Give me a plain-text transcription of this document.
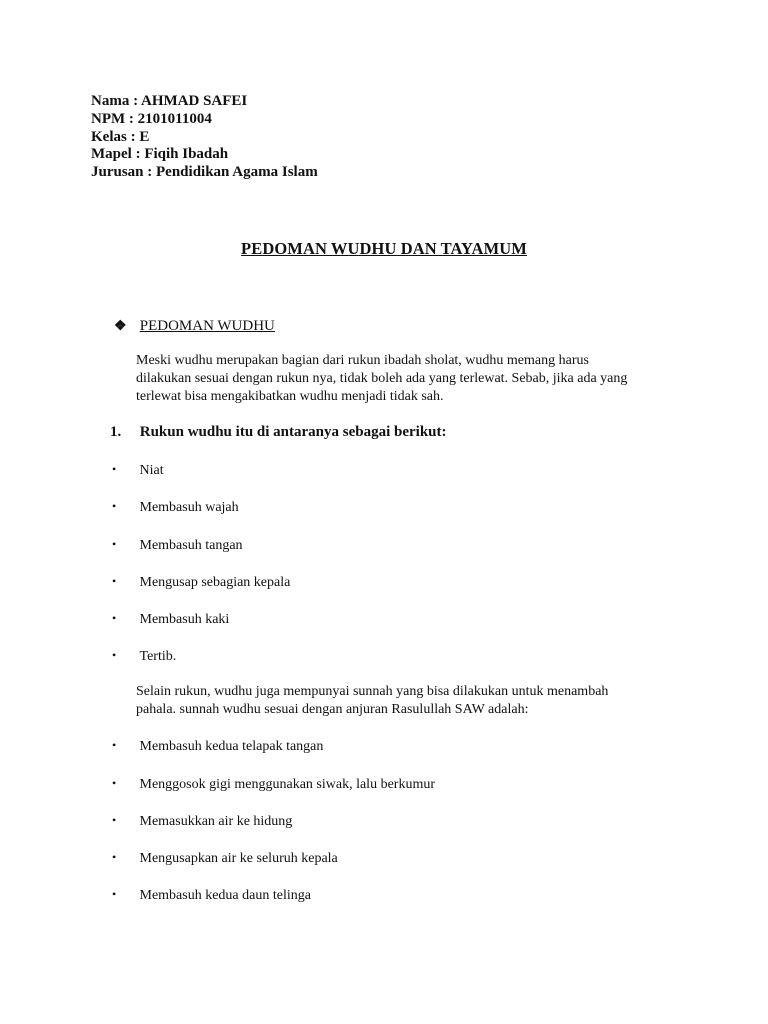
Nama : AHMAD SAFEI
NPM : 2101011004
Kelas : E
Mapel : Fiqih Ibadah
Jurusan : Pendidikan Agama Islam
PEDOMAN WUDHU DAN TAYAMUM
❖ PEDOMAN WUDHU
Meski wudhu merupakan bagian dari rukun ibadah sholat, wudhu memang harus
dilakukan sesuai dengan rukun nya, tidak boleh ada yang terlewat. Sebab, jika ada yang
terlewat bisa mengakibatkan wudhu menjadi tidak sah.
1. Rukun wudhu itu di antaranya sebagai berikut:
• Niat
• Membasuh wajah
• Membasuh tangan
• Mengusap sebagian kepala
• Membasuh kaki
• Tertib.
Selain rukun, wudhu juga mempunyai sunnah yang bisa dilakukan untuk menambah
pahala. sunnah wudhu sesuai dengan anjuran Rasulullah SAW adalah:
• Membasuh kedua telapak tangan
• Menggosok gigi menggunakan siwak, lalu berkumur
• Memasukkan air ke hidung
• Mengusapkan air ke seluruh kepala
• Membasuh kedua daun telinga
